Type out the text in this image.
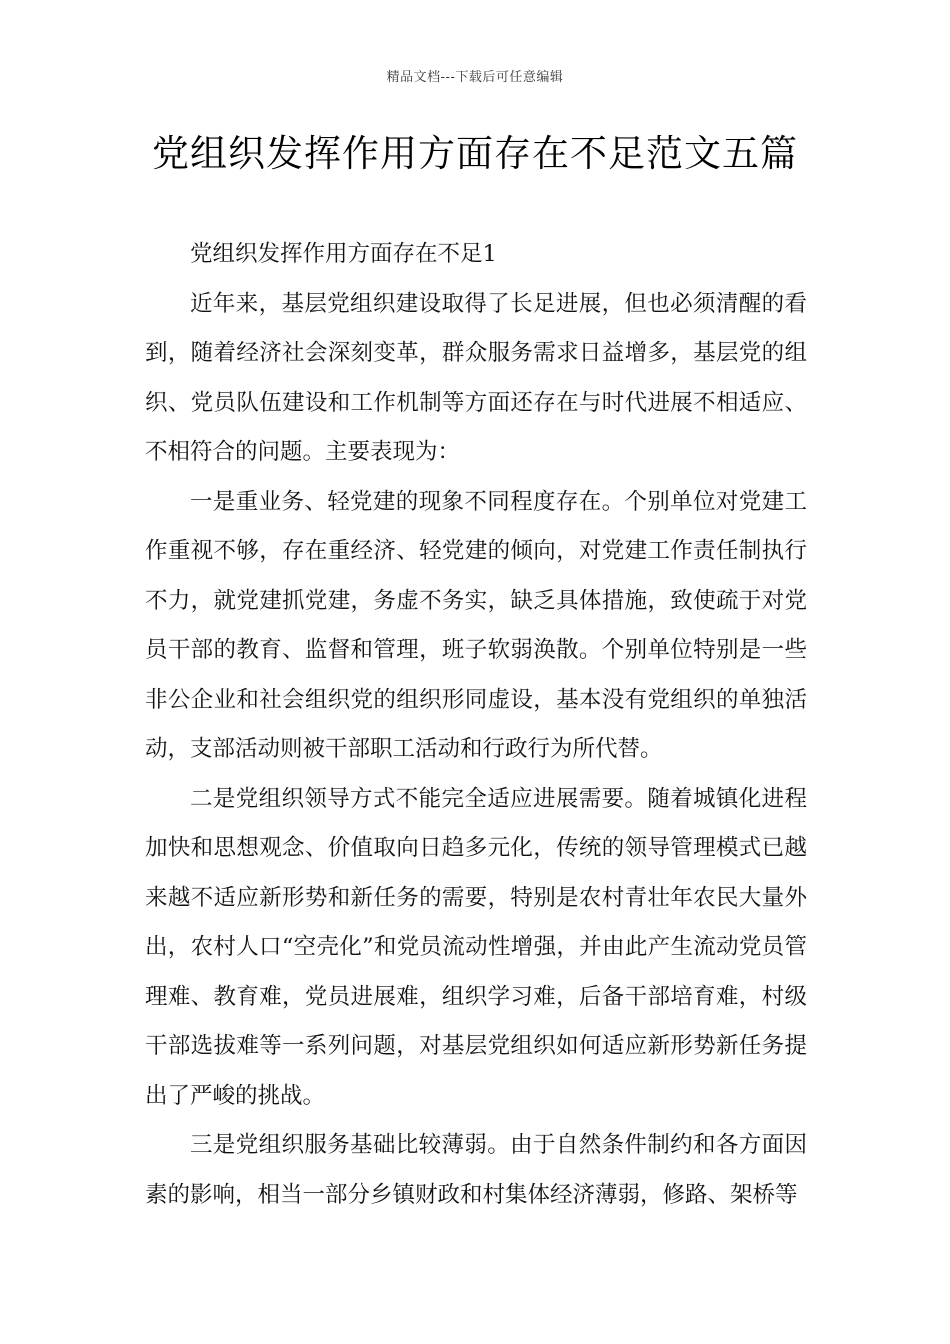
精品文档---下载后可任意编辑
党组织发挥作用方面存在不足范文五篇
党组织发挥作用方面存在不足1

近年来，基层党组织建设取得了长足进展，但也必须清醒的看到，随着经济社会深刻变革，群众服务需求日益增多，基层党的组织、党员队伍建设和工作机制等方面还存在与时代进展不相适应、不相符合的问题。主要表现为：

一是重业务、轻党建的现象不同程度存在。个别单位对党建工作重视不够，存在重经济、轻党建的倾向，对党建工作责任制执行不力，就党建抓党建，务虚不务实，缺乏具体措施，致使疏于对党员干部的教育、监督和管理，班子软弱涣散。个别单位特别是一些非公企业和社会组织党的组织形同虚设，基本没有党组织的单独活动，支部活动则被干部职工活动和行政行为所代替。

二是党组织领导方式不能完全适应进展需要。随着城镇化进程加快和思想观念、价值取向日趋多元化，传统的领导管理模式已越来越不适应新形势和新任务的需要，特别是农村青壮年农民大量外出，农村人口“空壳化”和党员流动性增强，并由此产生流动党员管理难、教育难，党员进展难，组织学习难，后备干部培育难，村级干部选拔难等一系列问题，对基层党组织如何适应新形势新任务提出了严峻的挑战。

三是党组织服务基础比较薄弱。由于自然条件制约和各方面因素的影响，相当一部分乡镇财政和村集体经济薄弱，修路、架桥等
